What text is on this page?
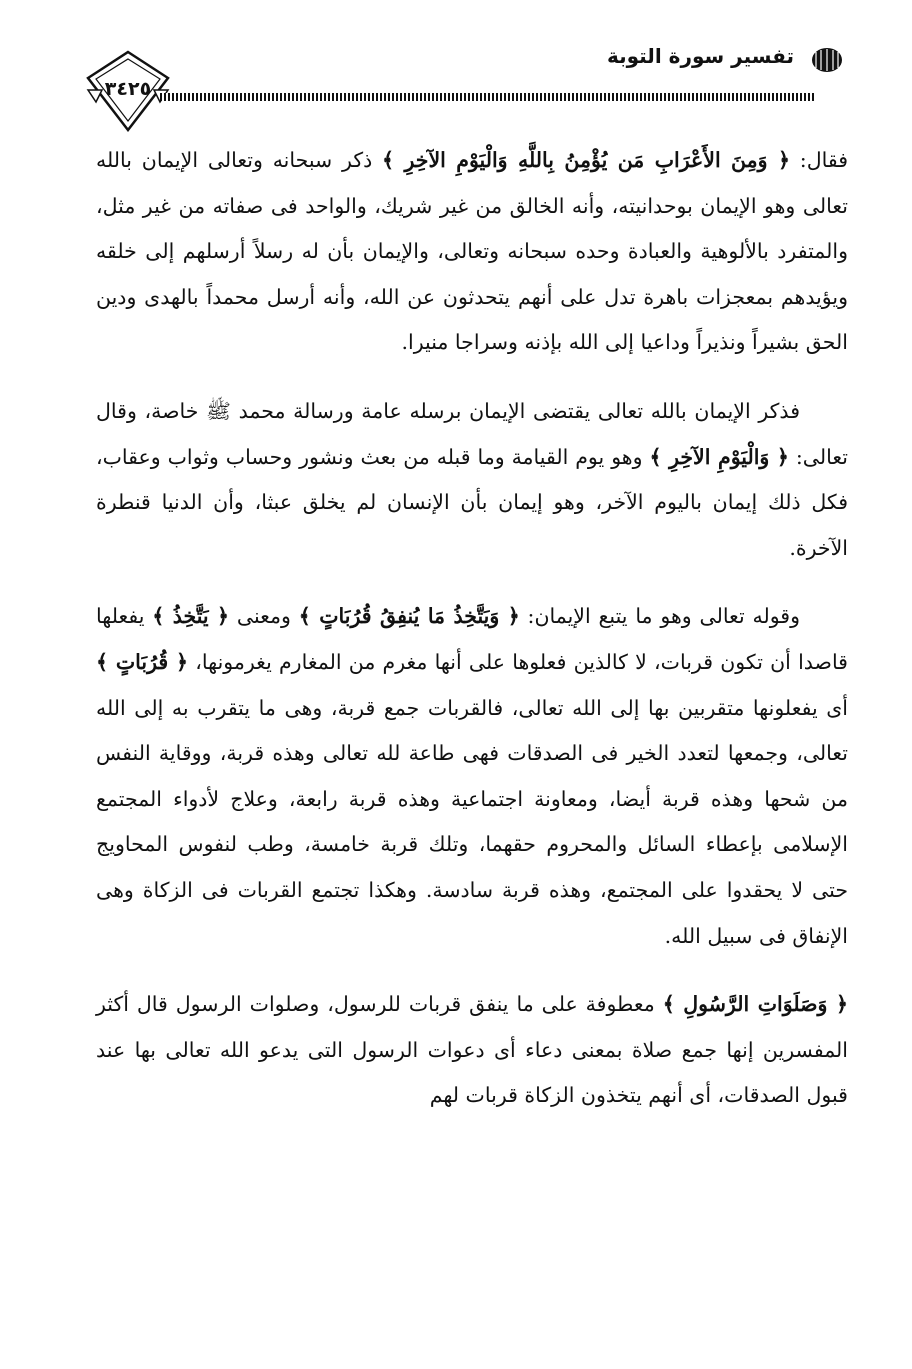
٣٤٢٥
تفسير سورة التوبة

فقال: ﴿ وَمِنَ الأَعْرَابِ مَن يُؤْمِنُ بِاللَّهِ وَالْيَوْمِ الآخِرِ ﴾ ذكر سبحانه وتعالى الإيمان بالله تعالى وهو الإيمان بوحدانيته، وأنه الخالق من غير شريك، والواحد فى صفاته من غير مثل، والمتفرد بالألوهية والعبادة وحده سبحانه وتعالى، والإيمان بأن له رسلاً أرسلهم إلى خلقه ويؤيدهم بمعجزات باهرة تدل على أنهم يتحدثون عن الله، وأنه أرسل محمداً بالهدى ودين الحق بشيراً ونذيراً وداعيا إلى الله بإذنه وسراجا منيرا.

فذكر الإيمان بالله تعالى يقتضى الإيمان برسله عامة ورسالة محمد ﷺ خاصة، وقال تعالى: ﴿ وَالْيَوْمِ الآخِرِ ﴾ وهو يوم القيامة وما قبله من بعث ونشور وحساب وثواب وعقاب، فكل ذلك إيمان باليوم الآخر، وهو إيمان بأن الإنسان لم يخلق عبثا، وأن الدنيا قنطرة الآخرة.

وقوله تعالى وهو ما يتبع الإيمان: ﴿ وَيَتَّخِذُ مَا يُنفِقُ قُرُبَاتٍ ﴾ ومعنى ﴿ يَتَّخِذُ ﴾ يفعلها قاصدا أن تكون قربات، لا كالذين فعلوها على أنها مغرم من المغارم يغرمونها، ﴿ قُرُبَاتٍ ﴾ أى يفعلونها متقربين بها إلى الله تعالى، فالقربات جمع قربة، وهى ما يتقرب به إلى الله تعالى، وجمعها لتعدد الخير فى الصدقات فهى طاعة لله تعالى وهذه قربة، ووقاية النفس من شحها وهذه قربة أيضا، ومعاونة اجتماعية وهذه قربة رابعة، وعلاج لأدواء المجتمع الإسلامى بإعطاء السائل والمحروم حقهما، وتلك قربة خامسة، وطب لنفوس المحاويج حتى لا يحقدوا على المجتمع، وهذه قربة سادسة. وهكذا تجتمع القربات فى الزكاة وهى الإنفاق فى سبيل الله.

﴿ وَصَلَوَاتِ الرَّسُولِ ﴾ معطوفة على ما ينفق قربات للرسول، وصلوات الرسول قال أكثر المفسرين إنها جمع صلاة بمعنى دعاء أى دعوات الرسول التى يدعو الله تعالى بها عند قبول الصدقات، أى أنهم يتخذون الزكاة قربات لهم
